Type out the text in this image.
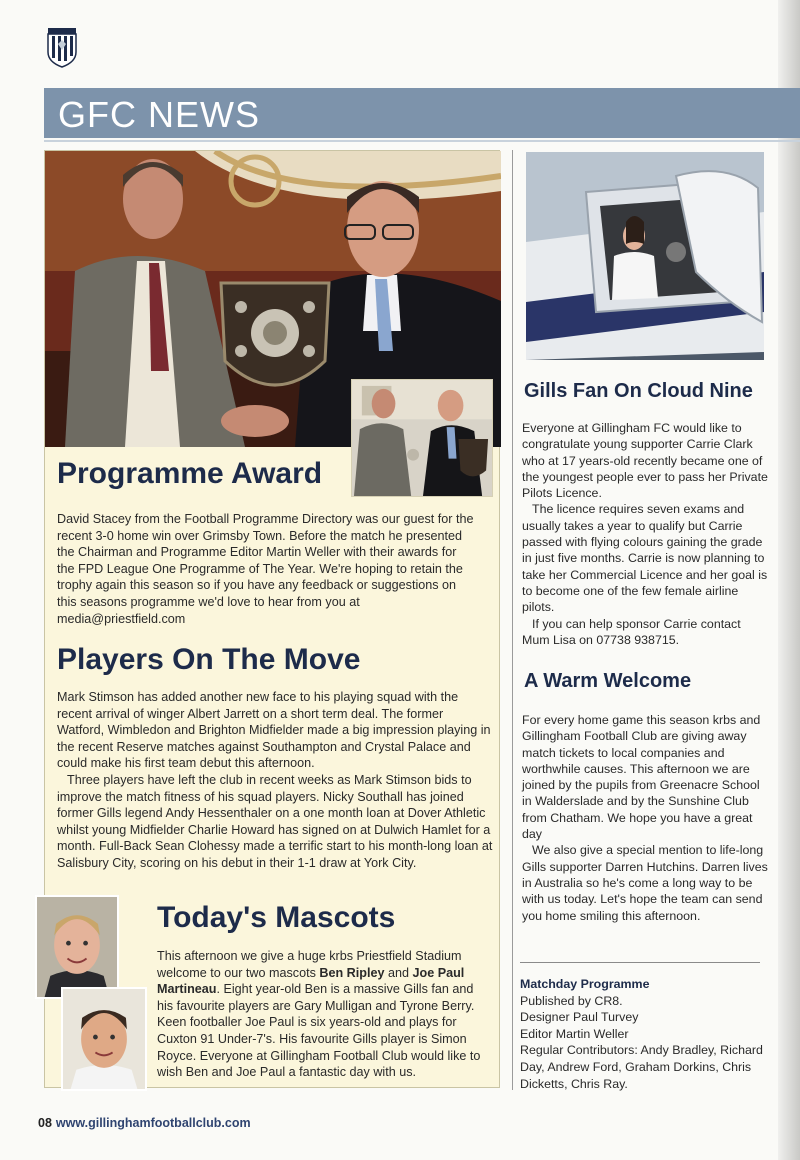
GFC NEWS
Programme Award

David Stacey from the Football Programme Directory was our guest for the recent 3-0 home win over Grimsby Town. Before the match he presented the Chairman and Programme Editor Martin Weller with their awards for the FPD League One Programme of The Year. We're hoping to retain the trophy again this season so if you have any feedback or suggestions on this seasons programme we'd love to hear from you at media@priestfield.com

Players On The Move

Mark Stimson has added another new face to his playing squad with the recent arrival of winger Albert Jarrett on a short term deal. The former Watford, Wimbledon and Brighton Midfielder made a big impression playing in the recent Reserve matches against Southampton and Crystal Palace and could make his first team debut this afternoon.

Three players have left the club in recent weeks as Mark Stimson bids to improve the match fitness of his squad players. Nicky Southall has joined former Gills legend Andy Hessenthaler on a one month loan at Dover Athletic whilst young Midfielder Charlie Howard has signed on at Dulwich Hamlet for a month. Full-Back Sean Clohessy made a terrific start to his month-long loan at Salisbury City, scoring on his debut in their 1-1 draw at York City.

Today's Mascots

This afternoon we give a huge krbs Priestfield Stadium welcome to our two mascots Ben Ripley and Joe Paul Martineau. Eight year-old Ben is a massive Gills fan and his favourite players are Gary Mulligan and Tyrone Berry. Keen footballer Joe Paul is six years-old and plays for Cuxton 91 Under-7's. His favourite Gills player is Simon Royce. Everyone at Gillingham Football Club would like to wish Ben and Joe Paul a fantastic day with us.

Gills Fan On Cloud Nine

Everyone at Gillingham FC would like to congratulate young supporter Carrie Clark who at 17 years-old recently became one of the youngest people ever to pass her Private Pilots Licence.

The licence requires seven exams and usually takes a year to qualify but Carrie passed with flying colours gaining the grade in just five months. Carrie is now planning to take her Commercial Licence and her goal is to become one of the few female airline pilots.

If you can help sponsor Carrie contact Mum Lisa on 07738 938715.

A Warm Welcome

For every home game this season krbs and Gillingham Football Club are giving away match tickets to local companies and worthwhile causes. This afternoon we are joined by the pupils from Greenacre School in Walderslade and by the Sunshine Club from Chatham. We hope you have a great day

We also give a special mention to life-long Gills supporter Darren Hutchins. Darren lives in Australia so he's come a long way to be with us today. Let's hope the team can send you home smiling this afternoon.

Matchday Programme
Published by CR8.
Designer Paul Turvey
Editor Martin Weller
Regular Contributors: Andy Bradley, Richard Day, Andrew Ford, Graham Dorkins, Chris Dicketts, Chris Ray.
08 www.gillinghamfootballclub.com
